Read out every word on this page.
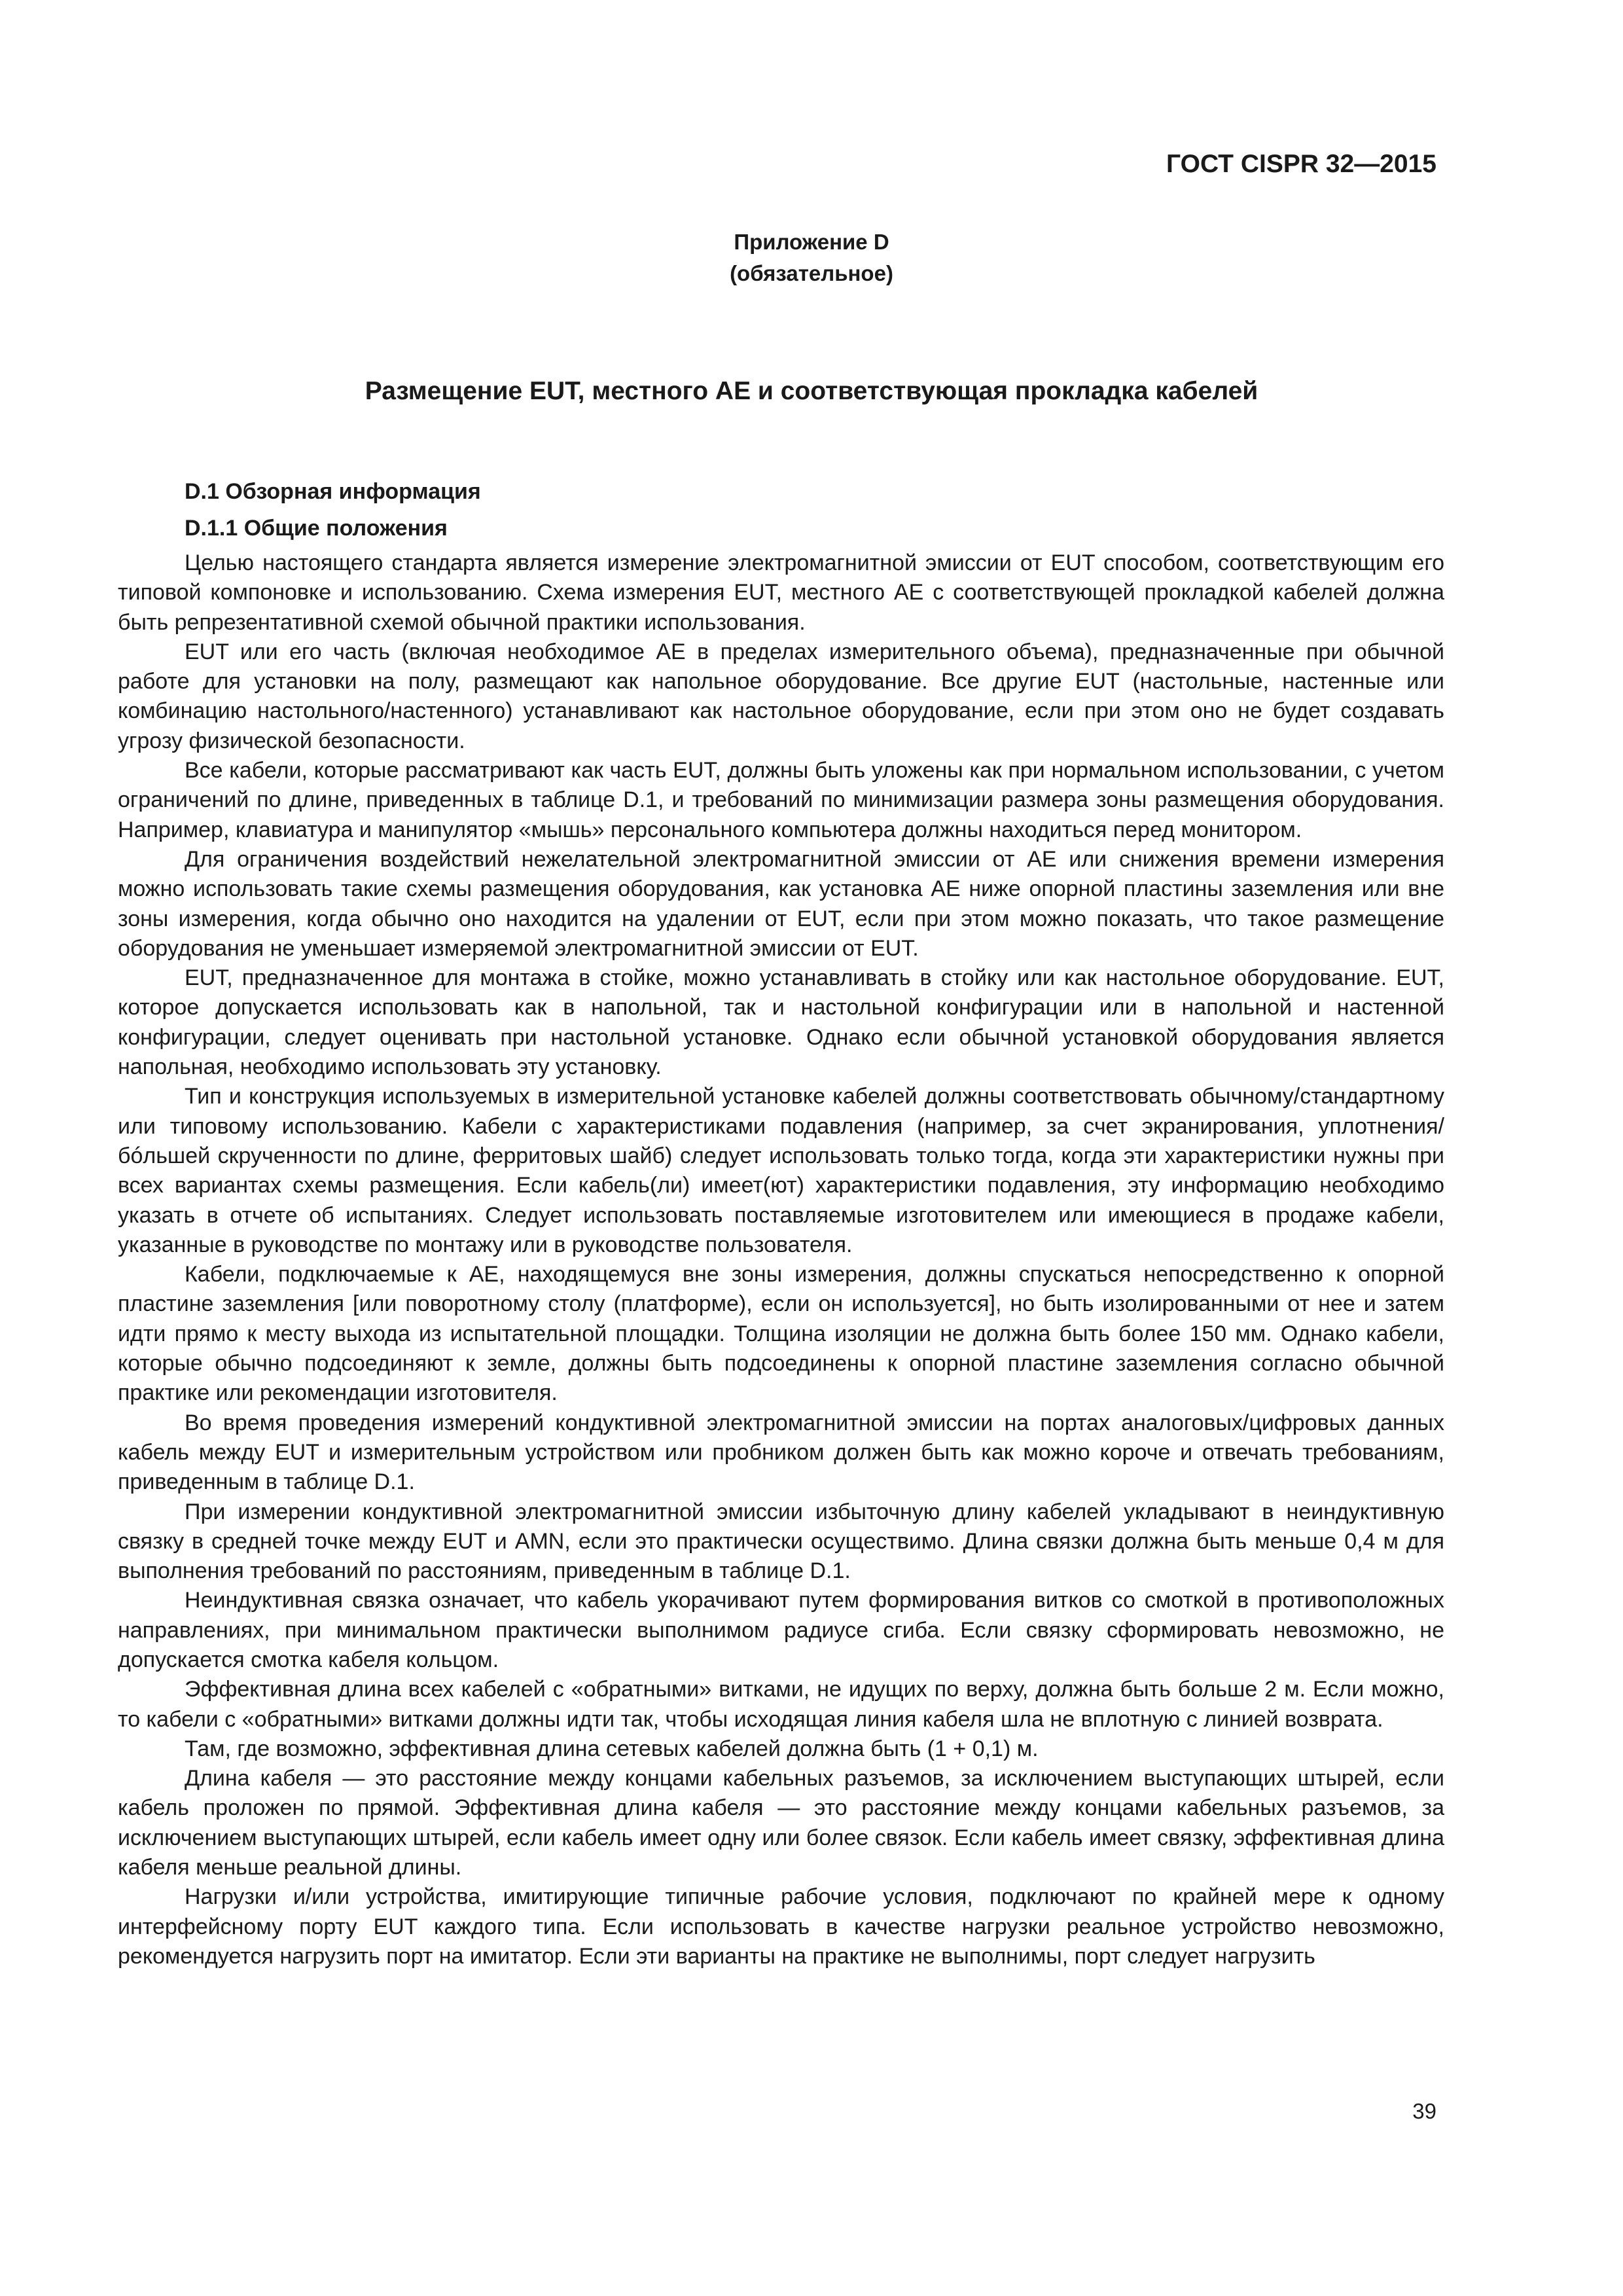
ГОСТ CISPR 32—2015
Приложение D
(обязательное)
Размещение EUT, местного АЕ и соответствующая прокладка кабелей
D.1 Обзорная информация
D.1.1 Общие положения

Целью настоящего стандарта является измерение электромагнитной эмиссии от EUT способом, соответствующим его типовой компоновке и использованию. Схема измерения EUT, местного АЕ с соответствующей прокладкой кабелей должна быть репрезентативной схемой обычной практики использования.

EUT или его часть (включая необходимое АЕ в пределах измерительного объема), предназначенные при обычной работе для установки на полу, размещают как напольное оборудование. Все другие EUT (настольные, настенные или комбинацию настольного/настенного) устанавливают как настольное оборудование, если при этом оно не будет создавать угрозу физической безопасности.

Все кабели, которые рассматривают как часть EUT, должны быть уложены как при нормальном использовании, с учетом ограничений по длине, приведенных в таблице D.1, и требований по минимизации размера зоны размещения оборудования. Например, клавиатура и манипулятор «мышь» персонального компьютера должны находиться перед монитором.

Для ограничения воздействий нежелательной электромагнитной эмиссии от АЕ или снижения времени измерения можно использовать такие схемы размещения оборудования, как установка АЕ ниже опорной пластины заземления или вне зоны измерения, когда обычно оно находится на удалении от EUT, если при этом можно показать, что такое размещение оборудования не уменьшает измеряемой электромагнитной эмиссии от EUT.

EUT, предназначенное для монтажа в стойке, можно устанавливать в стойку или как настольное оборудование. EUT, которое допускается использовать как в напольной, так и настольной конфигурации или в напольной и настенной конфигурации, следует оценивать при настольной установке. Однако если обычной установкой оборудования является напольная, необходимо использовать эту установку.

Тип и конструкция используемых в измерительной установке кабелей должны соответствовать обычному/стандартному или типовому использованию. Кабели с характеристиками подавления (например, за счет экранирования, уплотнения/бóльшей скрученности по длине, ферритовых шайб) следует использовать только тогда, когда эти характеристики нужны при всех вариантах схемы размещения. Если кабель(ли) имеет(ют) характеристики подавления, эту информацию необходимо указать в отчете об испытаниях. Следует использовать поставляемые изготовителем или имеющиеся в продаже кабели, указанные в руководстве по монтажу или в руководстве пользователя.

Кабели, подключаемые к АЕ, находящемуся вне зоны измерения, должны спускаться непосредственно к опорной пластине заземления [или поворотному столу (платформе), если он используется], но быть изолированными от нее и затем идти прямо к месту выхода из испытательной площадки. Толщина изоляции не должна быть более 150 мм. Однако кабели, которые обычно подсоединяют к земле, должны быть подсоединены к опорной пластине заземления согласно обычной практике или рекомендации изготовителя.

Во время проведения измерений кондуктивной электромагнитной эмиссии на портах аналоговых/цифровых данных кабель между EUT и измерительным устройством или пробником должен быть как можно короче и отвечать требованиям, приведенным в таблице D.1.

При измерении кондуктивной электромагнитной эмиссии избыточную длину кабелей укладывают в неиндуктивную связку в средней точке между EUT и AMN, если это практически осуществимо. Длина связки должна быть меньше 0,4 м для выполнения требований по расстояниям, приведенным в таблице D.1.

Неиндуктивная связка означает, что кабель укорачивают путем формирования витков со смоткой в противоположных направлениях, при минимальном практически выполнимом радиусе сгиба. Если связку сформировать невозможно, не допускается смотка кабеля кольцом.

Эффективная длина всех кабелей с «обратными» витками, не идущих по верху, должна быть больше 2 м. Если можно, то кабели с «обратными» витками должны идти так, чтобы исходящая линия кабеля шла не вплотную с линией возврата.

Там, где возможно, эффективная длина сетевых кабелей должна быть (1 + 0,1) м.

Длина кабеля — это расстояние между концами кабельных разъемов, за исключением выступающих штырей, если кабель проложен по прямой. Эффективная длина кабеля — это расстояние между концами кабельных разъемов, за исключением выступающих штырей, если кабель имеет одну или более связок. Если кабель имеет связку, эффективная длина кабеля меньше реальной длины.

Нагрузки и/или устройства, имитирующие типичные рабочие условия, подключают по крайней мере к одному интерфейсному порту EUT каждого типа. Если использовать в качестве нагрузки реальное устройство невозможно, рекомендуется нагрузить порт на имитатор. Если эти варианты на практике не выполнимы, порт следует нагрузить

39
